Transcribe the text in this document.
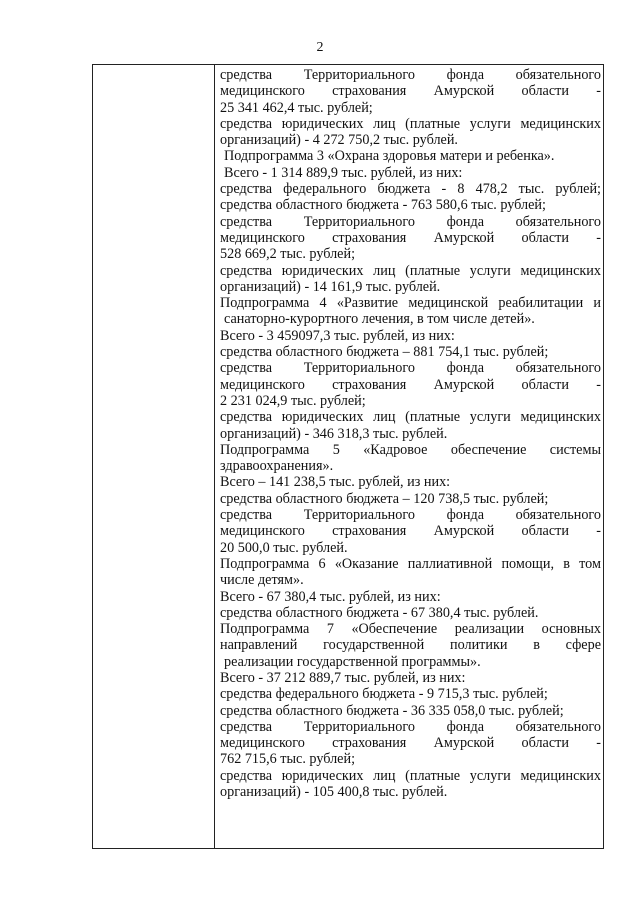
2
средства Территориального фонда обязательного
медицинского страхования Амурской области -
25 341 462,4 тыс. рублей;
средства юридических лиц (платные услуги медицинских
организаций) - 4 272 750,2 тыс. рублей.
Подпрограмма 3 «Охрана здоровья матери и ребенка».
Всего - 1 314 889,9 тыс. рублей, из них:
средства федерального бюджета - 8 478,2 тыс. рублей;
средства областного бюджета - 763 580,6 тыс. рублей;
средства Территориального фонда обязательного
медицинского страхования Амурской области -
528 669,2 тыс. рублей;
средства юридических лиц (платные услуги медицинских
организаций) - 14 161,9 тыс. рублей.
Подпрограмма 4 «Развитие медицинской реабилитации и
санаторно-курортного лечения, в том числе детей».
Всего - 3 459097,3 тыс. рублей, из них:
средства областного бюджета – 881 754,1 тыс. рублей;
средства Территориального фонда обязательного
медицинского страхования Амурской области -
2 231 024,9 тыс. рублей;
средства юридических лиц (платные услуги медицинских
организаций) - 346 318,3 тыс. рублей.
Подпрограмма 5 «Кадровое обеспечение системы
здравоохранения».
Всего – 141 238,5 тыс. рублей, из них:
средства областного бюджета – 120 738,5 тыс. рублей;
средства Территориального фонда обязательного
медицинского страхования Амурской области -
20 500,0 тыс. рублей.
Подпрограмма 6 «Оказание паллиативной помощи, в том
числе детям».
Всего - 67 380,4 тыс. рублей, из них:
средства областного бюджета - 67 380,4 тыс. рублей.
Подпрограмма 7 «Обеспечение реализации основных
направлений государственной политики в сфере
реализации государственной программы».
Всего - 37 212 889,7 тыс. рублей, из них:
средства федерального бюджета - 9 715,3 тыс. рублей;
средства областного бюджета - 36 335 058,0 тыс. рублей;
средства Территориального фонда обязательного
медицинского страхования Амурской области -
762 715,6 тыс. рублей;
средства юридических лиц (платные услуги медицинских
организаций) - 105 400,8 тыс. рублей.
